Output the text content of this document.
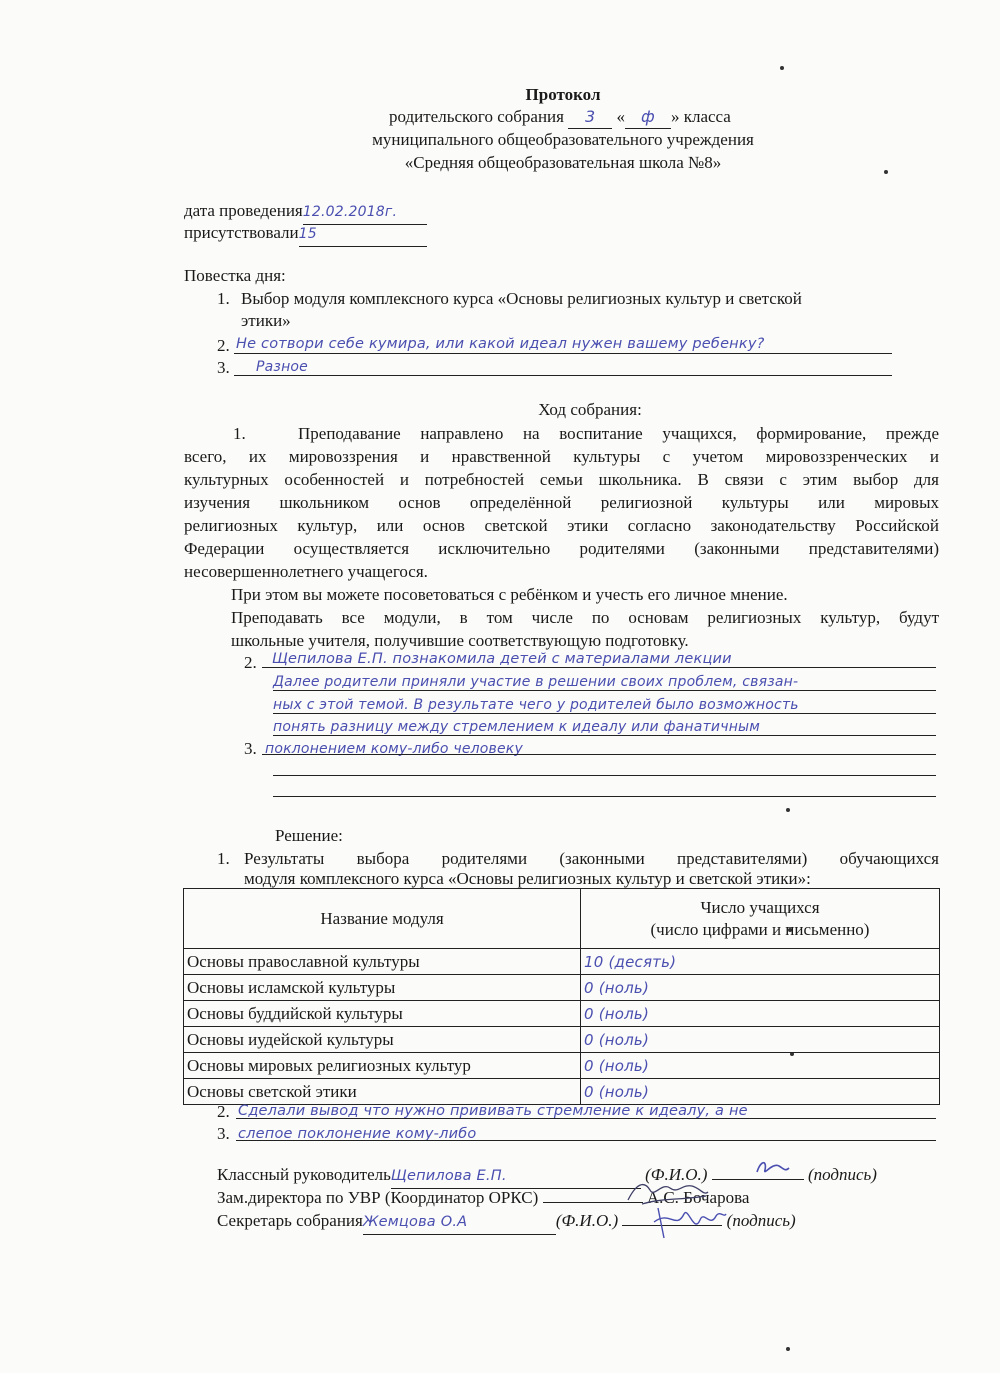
Протокол
родительского собрания 3 « ф » класса
муниципального общеобразовательного учреждения
«Средняя общеобразовательная школа №8»
дата проведения12.02.2018г.
присутствовали15
Повестка дня:
1. Выбор модуля комплексного курса «Основы религиозных культур и светской
этики»
2. Не сотвори себе кумира, или какой идеал нужен вашему ребенку?
3. Разное
Ход собрания:
1.	Преподавание направлено на воспитание учащихся, формирование, прежде
всего, их мировоззрения и нравственной культуры с учетом мировоззренческих и
культурных особенностей и потребностей семьи школьника. В связи с этим выбор для
изучения школьником основ определённой религиозной культуры или мировых
религиозных культур, или основ светской этики согласно законодательству Российской
Федерации осуществляется исключительно родителями (законными представителями)
несовершеннолетнего учащегося.
При этом вы можете посоветоваться с ребёнком и учесть его личное мнение.
Преподавать все модули, в том числе по основам религиозных культур, будут
школьные учителя, получившие соответствующую подготовку.
2. Щепилова Е.П. познакомила детей с материалами лекции
Далее родители приняли участие в решении своих проблем, связан-
ных с этой темой. В результате чего у родителей было возможность
понять разницу между стремлением к идеалу или фанатичным
3. поклонением кому-либо человеку
Решение:
1. Результаты выбора родителями (законными представителями) обучающихся
модуля комплексного курса «Основы религиозных культур и светской этики»:
Название модуля	Число учащихся
(число цифрами и письменно)

Основы православной культуры	10 (десять)
Основы исламской культуры	0 (ноль)
Основы буддийской культуры	0 (ноль)
Основы иудейской культуры	0 (ноль)
Основы мировых религиозных культур	0 (ноль)
Основы светской этики	0 (ноль)
2. Сделали вывод что нужно прививать стремление к идеалу, а не
3. слепое поклонение кому-либо
Классный руководительЩепилова Е.П.	(Ф.И.О.)	(подпись)
Зам.директора по УВР (Координатор ОРКС)	А.С. Бочарова
Секретарь собранияЖемцова О.А	(Ф.И.О.)	(подпись)
